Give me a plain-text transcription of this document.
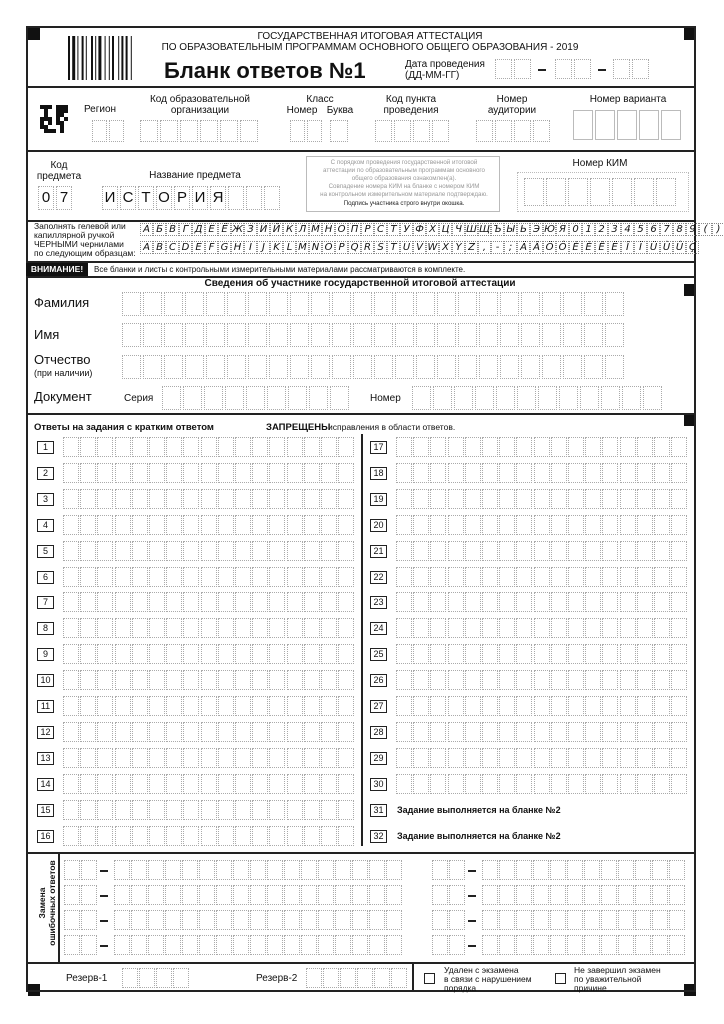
ГОСУДАРСТВЕННАЯ ИТОГОВАЯ АТТЕСТАЦИЯ
ПО ОБРАЗОВАТЕЛЬНЫМ ПРОГРАММАМ ОСНОВНОГО ОБЩЕГО ОБРАЗОВАНИЯ - 2019
Бланк ответов №1	Дата проведения
(ДД-ММ-ГГ)
Регион
Код образовательной
организации
Класс
Номер Буква
Код пункта
проведения
Номер
аудитории
Номер варианта
Код
предмета	Название предмета
0 7 И С Т О Р И Я
С порядком проведения государственной итоговой
аттестации по образовательным программам основного
общего образования ознакомлен(а).
Совпадение номера КИМ на бланке с номером КИМ
на контрольном измерительном материале подтверждаю.
Подпись участника строго внутри окошка.
Номер КИМ
Заполнять гелевой или
капиллярной ручкой
ЧЕРНЫМИ чернилами
по следующим образцам:
А Б В Г Д Е Ё Ж З И Й К Л М Н О П Р С Т У Ф Х Ц Ч Ш Щ Ъ Ы Ь Э Ю Я 0 1 2 3 4 5 6 7 8 9 ( )
A B C D E F G H I	J K L M N O P Q R S T U V W X Y Z , - ; Ä Â Ö Ô É È Ê Ë Î	Ï Ü Ù Û Ç
ВНИМАНИЕ!	Все бланки и листы с контрольными измерительными материалами рассматриваются в комплекте.
Сведения об участнике государственной итоговой аттестации
Фамилия
Имя
Отчество
(при наличии)
Документ	Серия	Номер
Ответы на задания с кратким ответом	ЗАПРЕЩЕНЫ
исправления в области ответов.
1	17
2	18
3	19
4	20
5	21
6	22
7	23
8	24
9	25
10	26
11	27
12	28
13	29
14	30
15	31
16	32
Задание выполняется на бланке №2
Задание выполняется на бланке №2
Замена ошибочных ответов
Резерв-1	Резерв-2
Удален с экзамена
в связи с нарушением
порядка
Не завершил экзамен
по уважительной
причине
